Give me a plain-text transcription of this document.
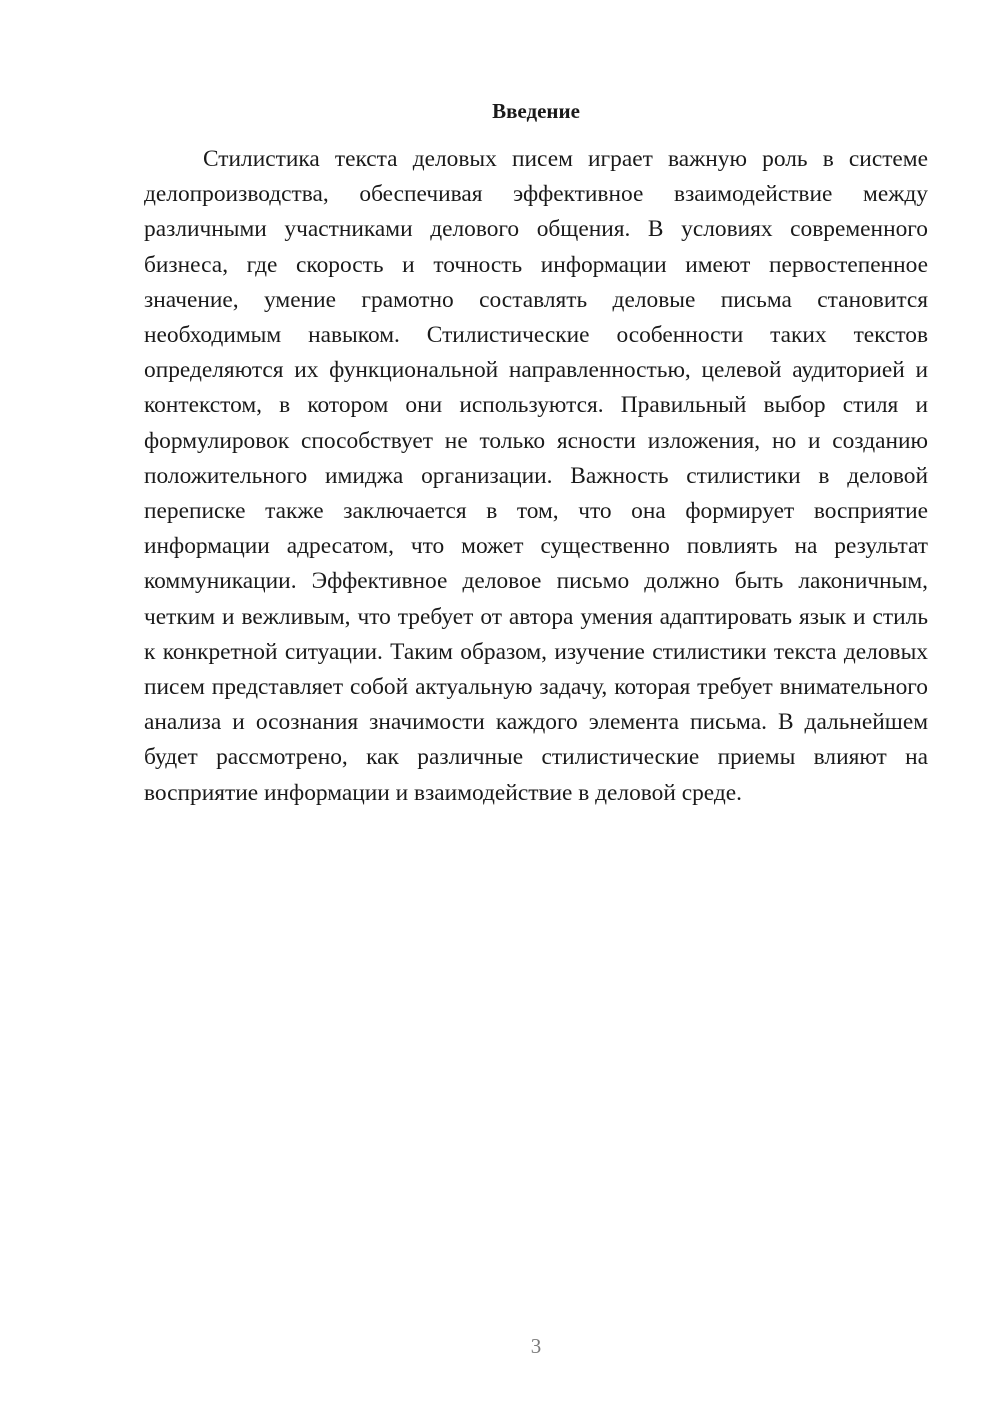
Введение

Стилистика текста деловых писем играет важную роль в системе делопроизводства, обеспечивая эффективное взаимодействие между различными участниками делового общения. В условиях современного бизнеса, где скорость и точность информации имеют первостепенное значение, умение грамотно составлять деловые письма становится необходимым навыком. Стилистические особенности таких текстов определяются их функциональной направленностью, целевой аудиторией и контекстом, в котором они используются. Правильный выбор стиля и формулировок способствует не только ясности изложения, но и созданию положительного имиджа организации. Важность стилистики в деловой переписке также заключается в том, что она формирует восприятие информации адресатом, что может существенно повлиять на результат коммуникации. Эффективное деловое письмо должно быть лаконичным, четким и вежливым, что требует от автора умения адаптировать язык и стиль к конкретной ситуации. Таким образом, изучение стилистики текста деловых писем представляет собой актуальную задачу, которая требует внимательного анализа и осознания значимости каждого элемента письма. В дальнейшем будет рассмотрено, как различные стилистические приемы влияют на восприятие информации и взаимодействие в деловой среде.

3
